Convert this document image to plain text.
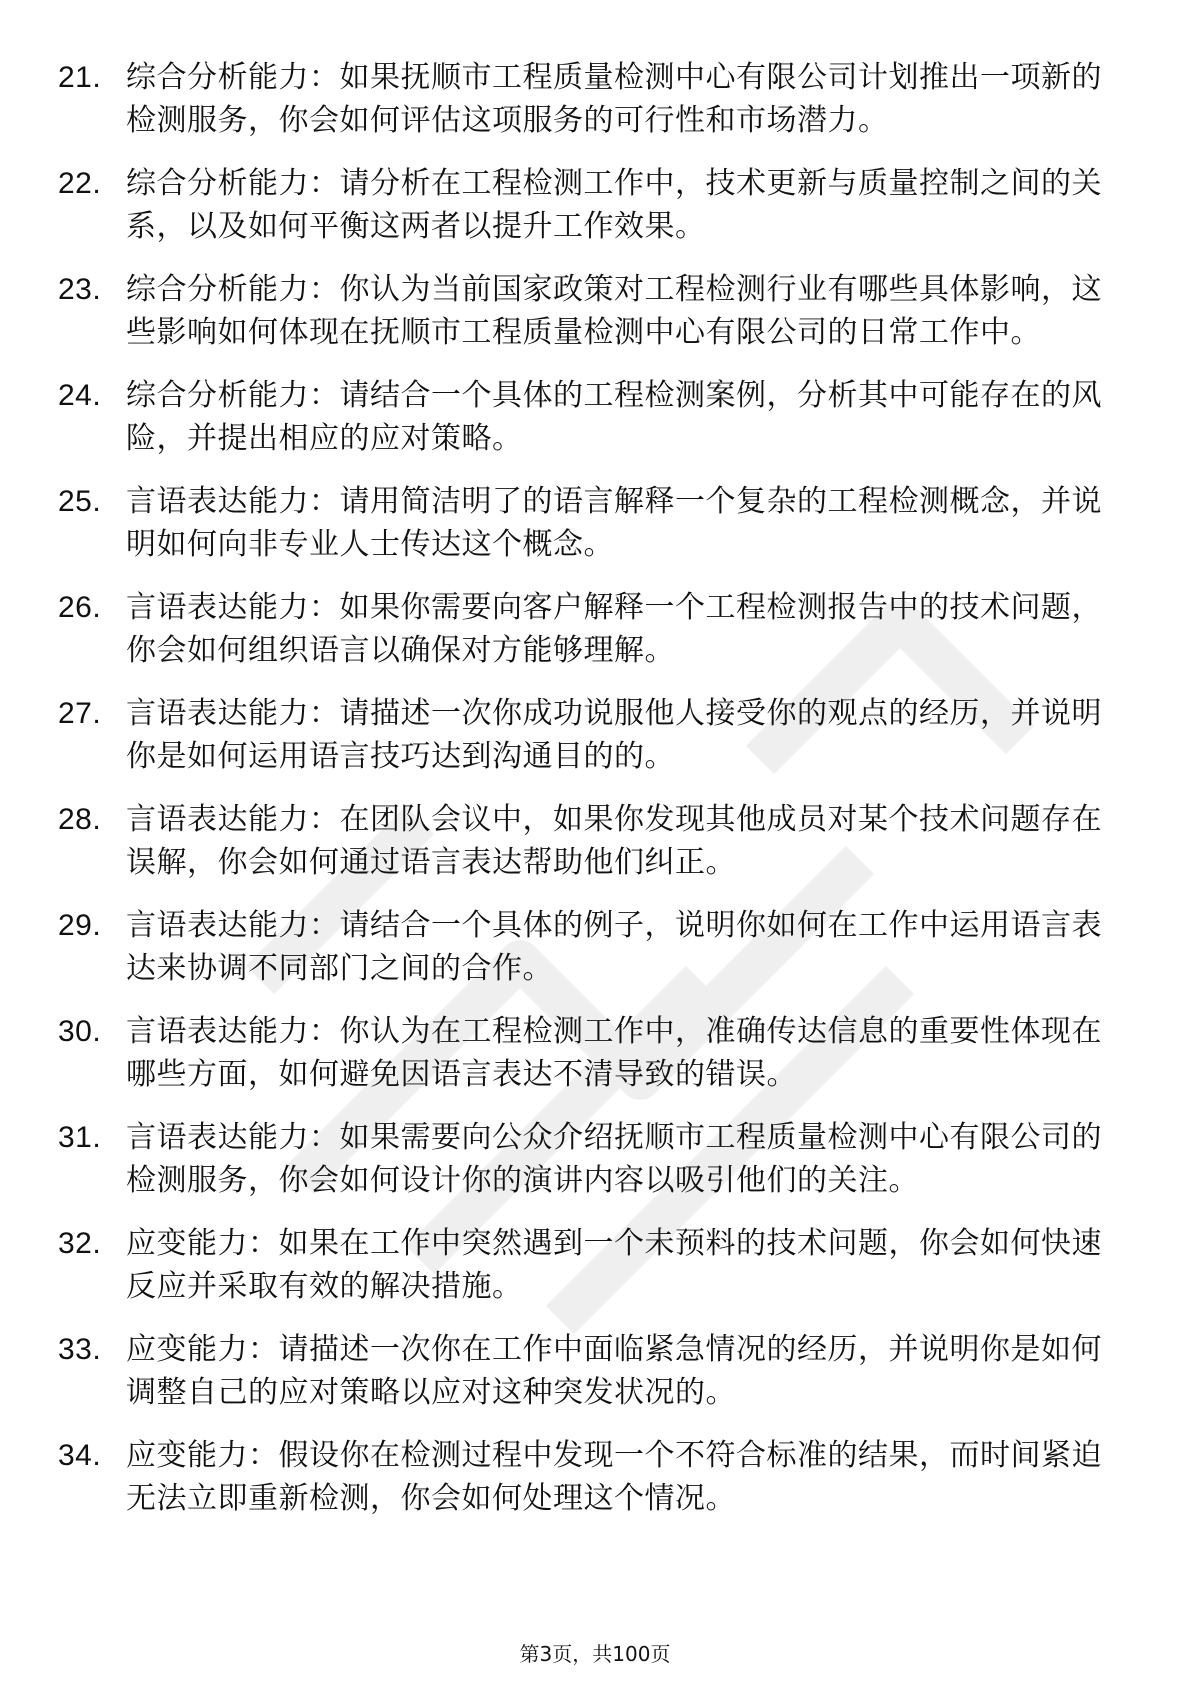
21. 综合分析能力：如果抚顺市工程质量检测中心有限公司计划推出一项新的检测服务，你会如何评估这项服务的可行性和市场潜力。
22. 综合分析能力：请分析在工程检测工作中，技术更新与质量控制之间的关系，以及如何平衡这两者以提升工作效果。
23. 综合分析能力：你认为当前国家政策对工程检测行业有哪些具体影响，这些影响如何体现在抚顺市工程质量检测中心有限公司的日常工作中。
24. 综合分析能力：请结合一个具体的工程检测案例，分析其中可能存在的风险，并提出相应的应对策略。
25. 言语表达能力：请用简洁明了的语言解释一个复杂的工程检测概念，并说明如何向非专业人士传达这个概念。
26. 言语表达能力：如果你需要向客户解释一个工程检测报告中的技术问题，你会如何组织语言以确保对方能够理解。
27. 言语表达能力：请描述一次你成功说服他人接受你的观点的经历，并说明你是如何运用语言技巧达到沟通目的的。
28. 言语表达能力：在团队会议中，如果你发现其他成员对某个技术问题存在误解，你会如何通过语言表达帮助他们纠正。
29. 言语表达能力：请结合一个具体的例子，说明你如何在工作中运用语言表达来协调不同部门之间的合作。
30. 言语表达能力：你认为在工程检测工作中，准确传达信息的重要性体现在哪些方面，如何避免因语言表达不清导致的错误。
31. 言语表达能力：如果需要向公众介绍抚顺市工程质量检测中心有限公司的检测服务，你会如何设计你的演讲内容以吸引他们的关注。
32. 应变能力：如果在工作中突然遇到一个未预料的技术问题，你会如何快速反应并采取有效的解决措施。
33. 应变能力：请描述一次你在工作中面临紧急情况的经历，并说明你是如何调整自己的应对策略以应对这种突发状况的。
34. 应变能力：假设你在检测过程中发现一个不符合标准的结果，而时间紧迫无法立即重新检测，你会如何处理这个情况。
第3页，共100页
